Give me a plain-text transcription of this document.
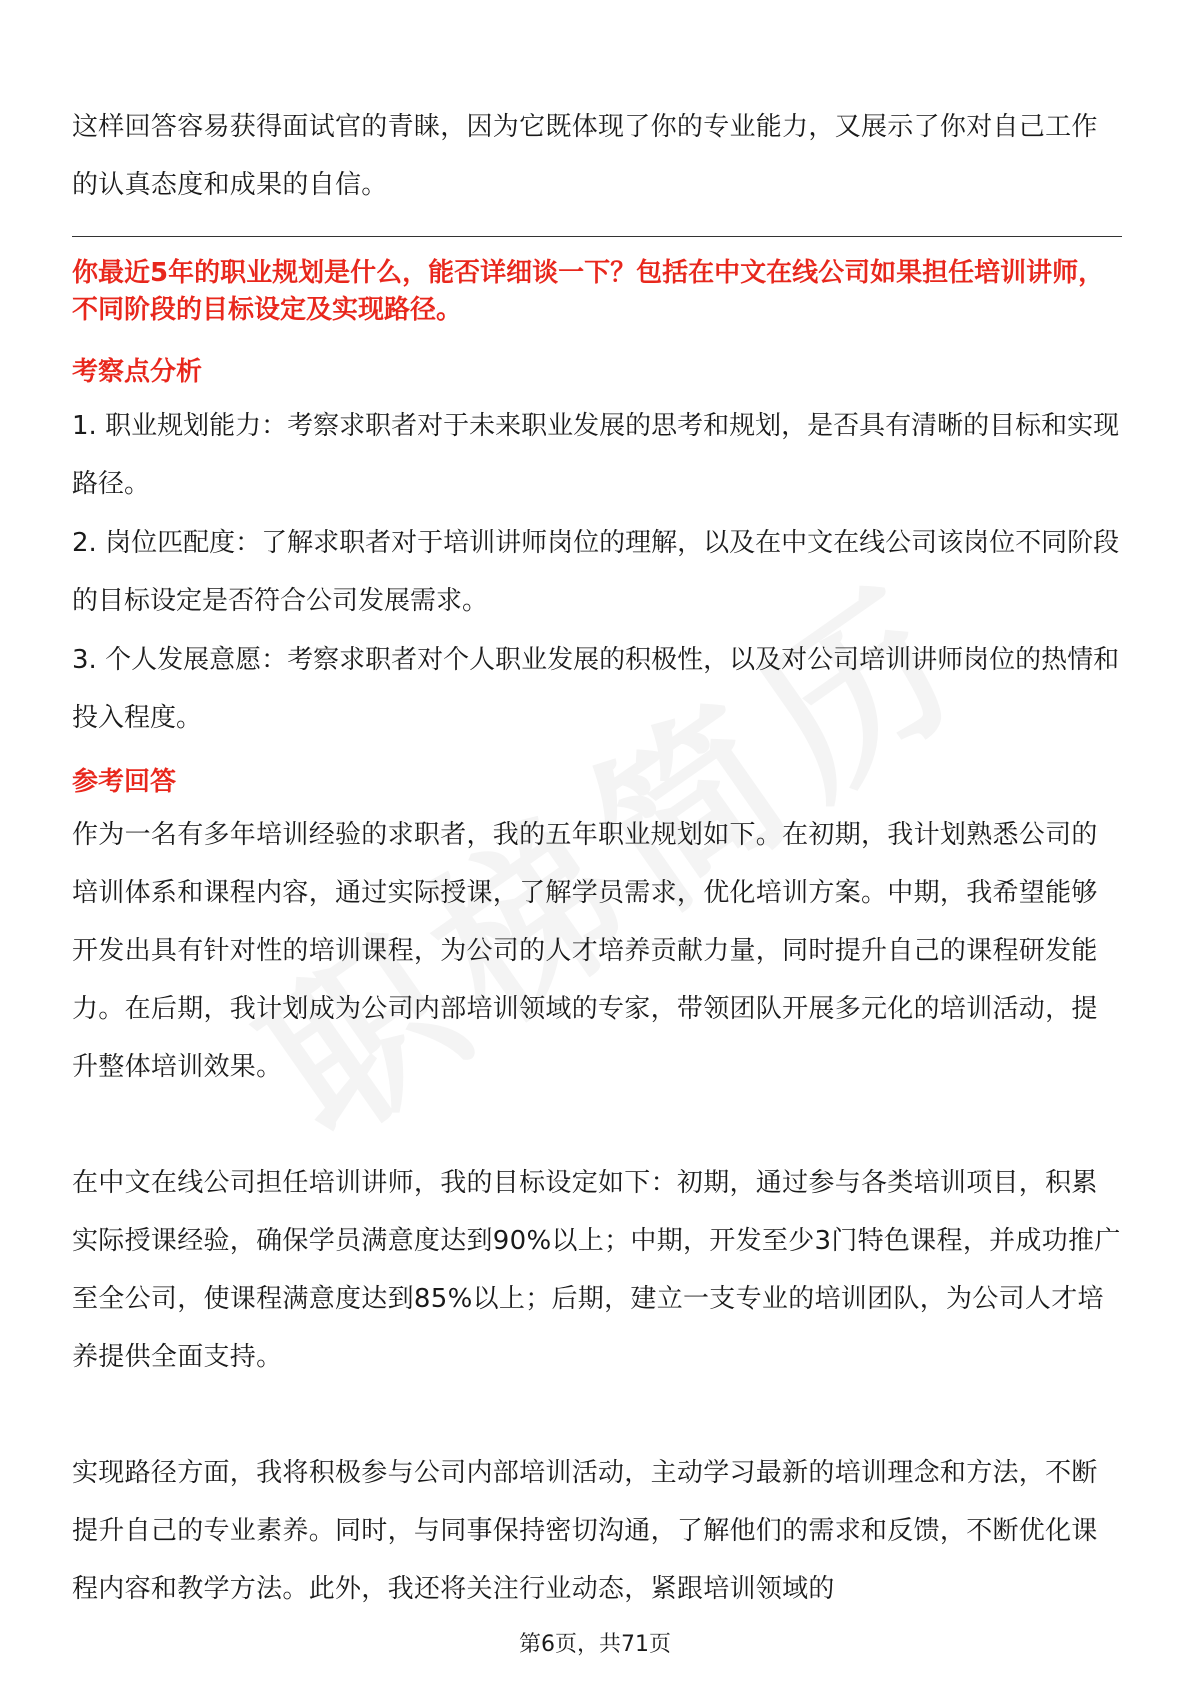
这样回答容易获得面试官的青睐，因为它既体现了你的专业能力，又展示了你对自己工作的认真态度和成果的自信。

你最近5年的职业规划是什么，能否详细谈一下？包括在中文在线公司如果担任培训讲师，不同阶段的目标设定及实现路径。

考察点分析

1. 职业规划能力：考察求职者对于未来职业发展的思考和规划，是否具有清晰的目标和实现路径。
2. 岗位匹配度：了解求职者对于培训讲师岗位的理解，以及在中文在线公司该岗位不同阶段的目标设定是否符合公司发展需求。
3. 个人发展意愿：考察求职者对个人职业发展的积极性，以及对公司培训讲师岗位的热情和投入程度。

参考回答

作为一名有多年培训经验的求职者，我的五年职业规划如下。在初期，我计划熟悉公司的培训体系和课程内容，通过实际授课，了解学员需求，优化培训方案。中期，我希望能够开发出具有针对性的培训课程，为公司的人才培养贡献力量，同时提升自己的课程研发能力。在后期，我计划成为公司内部培训领域的专家，带领团队开展多元化的培训活动，提升整体培训效果。

在中文在线公司担任培训讲师，我的目标设定如下：初期，通过参与各类培训项目，积累实际授课经验，确保学员满意度达到90%以上；中期，开发至少3门特色课程，并成功推广至全公司，使课程满意度达到85%以上；后期，建立一支专业的培训团队，为公司人才培养提供全面支持。

实现路径方面，我将积极参与公司内部培训活动，主动学习最新的培训理念和方法，不断提升自己的专业素养。同时，与同事保持密切沟通，了解他们的需求和反馈，不断优化课程内容和教学方法。此外，我还将关注行业动态，紧跟培训领域的

第6页，共71页
